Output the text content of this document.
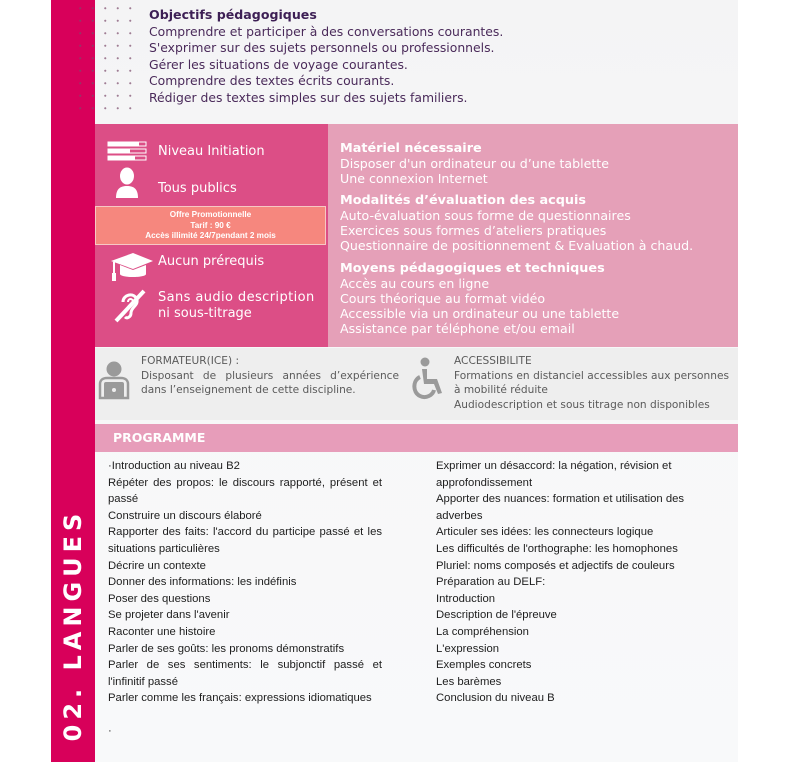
02. LANGUES
Objectifs pédagogiques
Comprendre et participer à des conversations courantes.
S'exprimer sur des sujets personnels ou professionnels.
Gérer les situations de voyage courantes.
Comprendre des textes écrits courants.
Rédiger des textes simples sur des sujets familiers.
Niveau Initiation
Tous publics
Offre Promotionnelle
Tarif : 90 €
Accès illimité 24/7pendant 2 mois
Aucun prérequis
Sans audio description
ni sous-titrage
Matériel nécessaire
Disposer d'un ordinateur ou d’une tablette
Une connexion Internet
Modalités d’évaluation des acquis
Auto-évaluation sous forme de questionnaires
Exercices sous formes d’ateliers pratiques
Questionnaire de positionnement & Evaluation à chaud.
Moyens pédagogiques et techniques
Accès au cours en ligne
Cours théorique au format vidéo
Accessible via un ordinateur ou une tablette
Assistance par téléphone et/ou email
FORMATEUR(ICE) :
Disposant de plusieurs années d’expérience dans l’enseignement de cette discipline.
ACCESSIBILITE
Formations en distanciel accessibles aux personnes à mobilité réduite
Audiodescription et sous titrage non disponibles
PROGRAMME
·Introduction au niveau B2
Répéter des propos: le discours rapporté, présent et passé
Construire un discours élaboré
Rapporter des faits: l'accord du participe passé et les situations particulières
Décrire un contexte
Donner des informations: les indéfinis
Poser des questions
Se projeter dans l'avenir
Raconter une histoire
Parler de ses goûts: les pronoms démonstratifs
Parler de ses sentiments: le subjonctif passé et l'infinitif passé
Parler comme les français: expressions idiomatiques
·
Exprimer un désaccord: la négation, révision et approfondissement
Apporter des nuances: formation et utilisation des adverbes
Articuler ses idées: les connecteurs logique
Les difficultés de l'orthographe: les homophones
Pluriel: noms composés et adjectifs de couleurs
Préparation au DELF:
Introduction
Description de l'épreuve
La compréhension
L'expression
Exemples concrets
Les barèmes
Conclusion du niveau B
